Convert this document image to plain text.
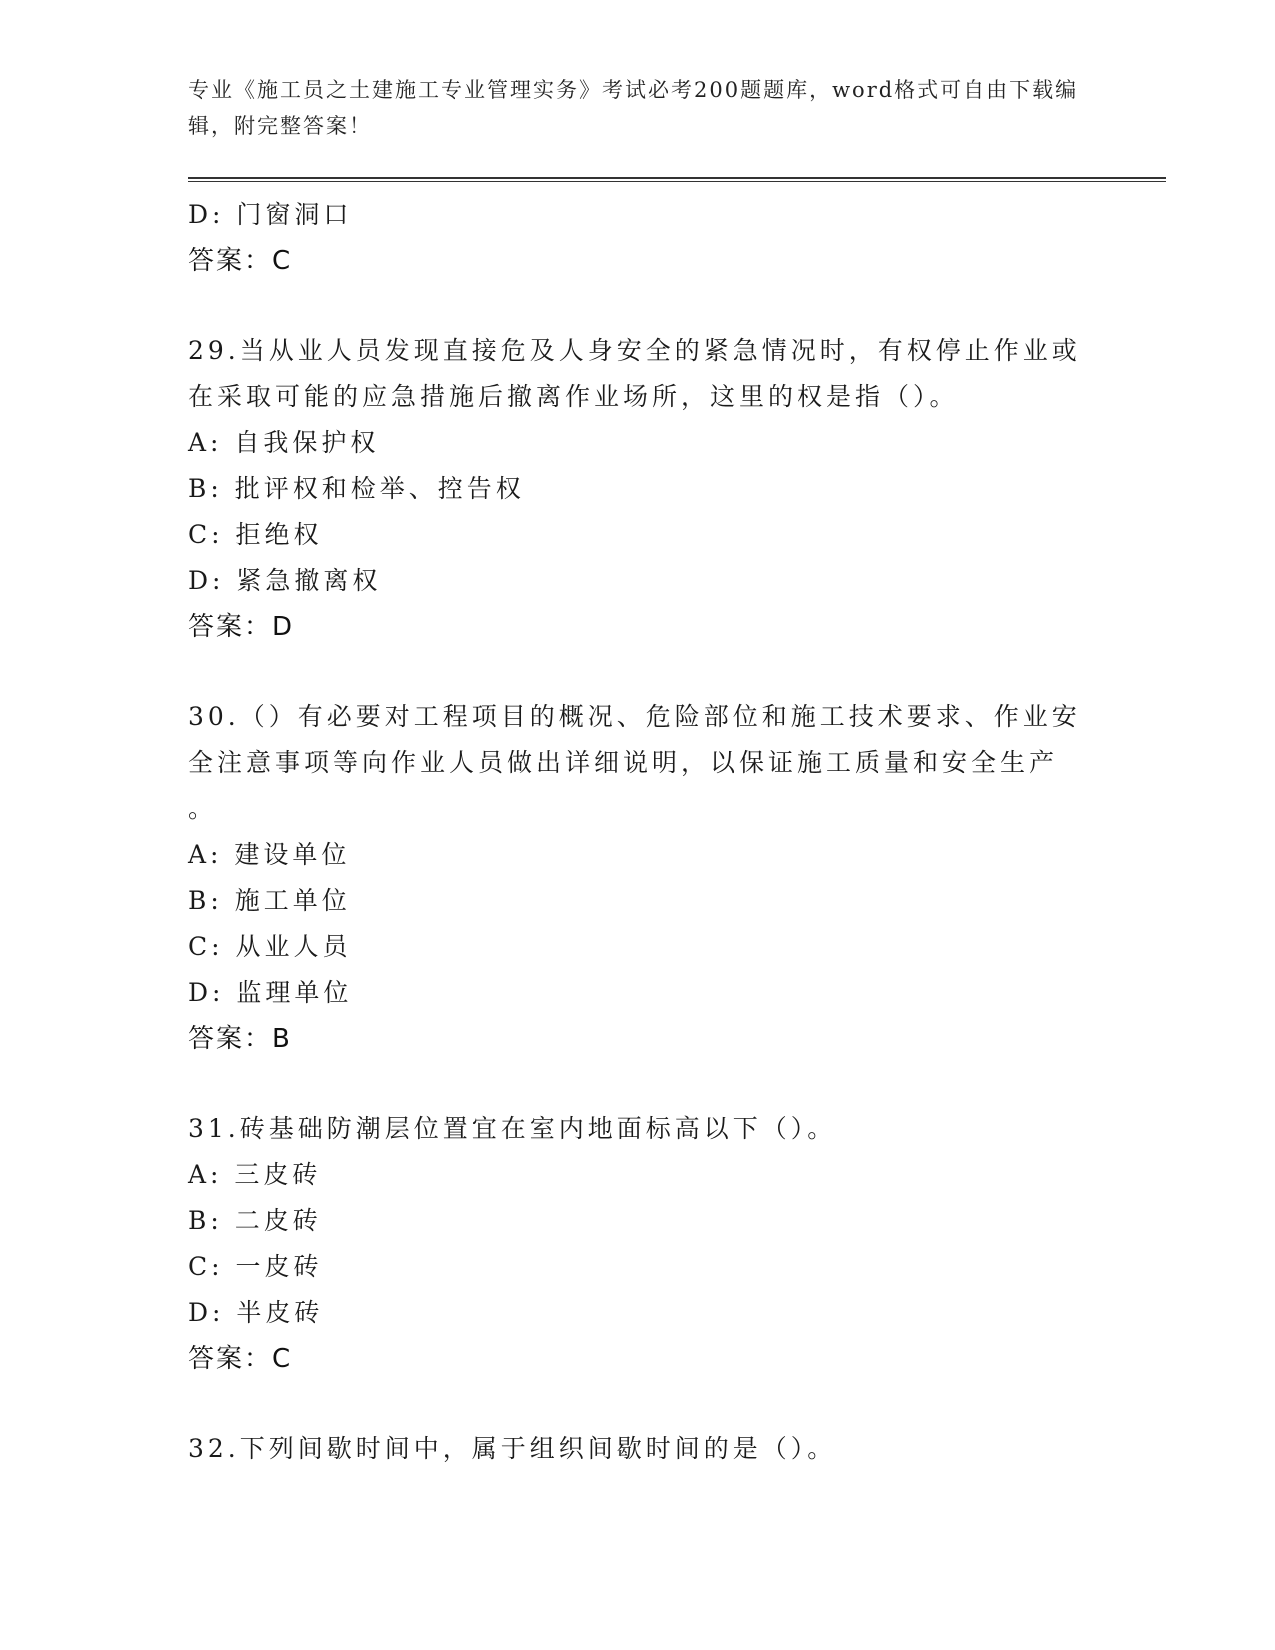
专业《施工员之土建施工专业管理实务》考试必考200题题库，word格式可自由下载编辑，附完整答案！
D: 门窗洞口
答案：C
29.当从业人员发现直接危及人身安全的紧急情况时，有权停止作业或
在采取可能的应急措施后撤离作业场所，这里的权是指（）。
A: 自我保护权
B: 批评权和检举、控告权
C: 拒绝权
D: 紧急撤离权
答案：D
30.（）有必要对工程项目的概况、危险部位和施工技术要求、作业安
全注意事项等向作业人员做出详细说明，以保证施工质量和安全生产
。
A: 建设单位
B: 施工单位
C: 从业人员
D: 监理单位
答案：B
31.砖基础防潮层位置宜在室内地面标高以下（）。
A: 三皮砖
B: 二皮砖
C: 一皮砖
D: 半皮砖
答案：C
32.下列间歇时间中，属于组织间歇时间的是（）。
